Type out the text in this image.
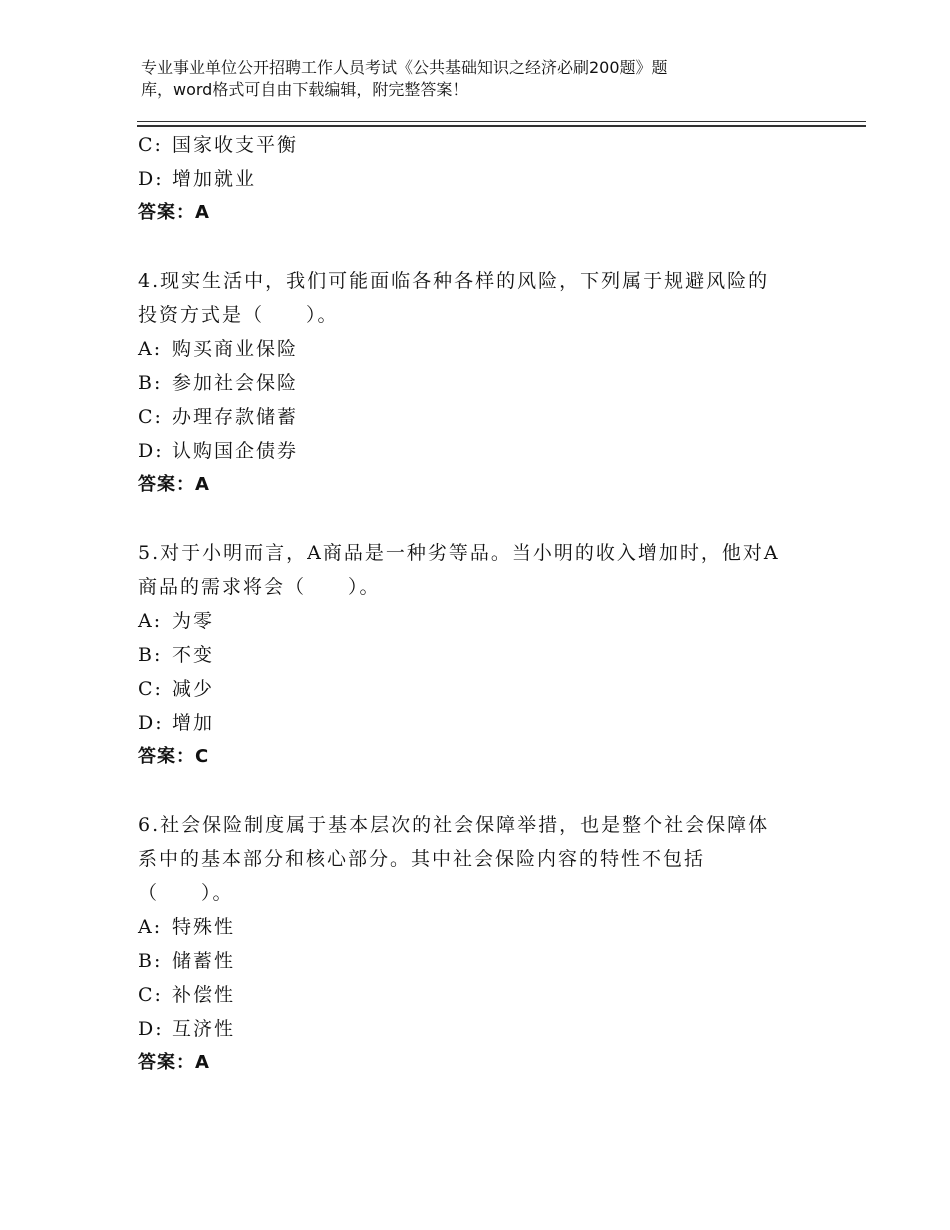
专业事业单位公开招聘工作人员考试《公共基础知识之经济必刷200题》题
库，word格式可自由下载编辑，附完整答案！
C: 国家收支平衡
D: 增加就业
答案：A
4.现实生活中，我们可能面临各种各样的风险，下列属于规避风险的
投资方式是（　　）。
A: 购买商业保险
B: 参加社会保险
C: 办理存款储蓄
D: 认购国企债券
答案：A
5.对于小明而言，A商品是一种劣等品。当小明的收入增加时，他对A
商品的需求将会（　　）。
A: 为零
B: 不变
C: 减少
D: 增加
答案：C
6.社会保险制度属于基本层次的社会保障举措，也是整个社会保障体
系中的基本部分和核心部分。其中社会保险内容的特性不包括
（　　）。
A: 特殊性
B: 储蓄性
C: 补偿性
D: 互济性
答案：A
